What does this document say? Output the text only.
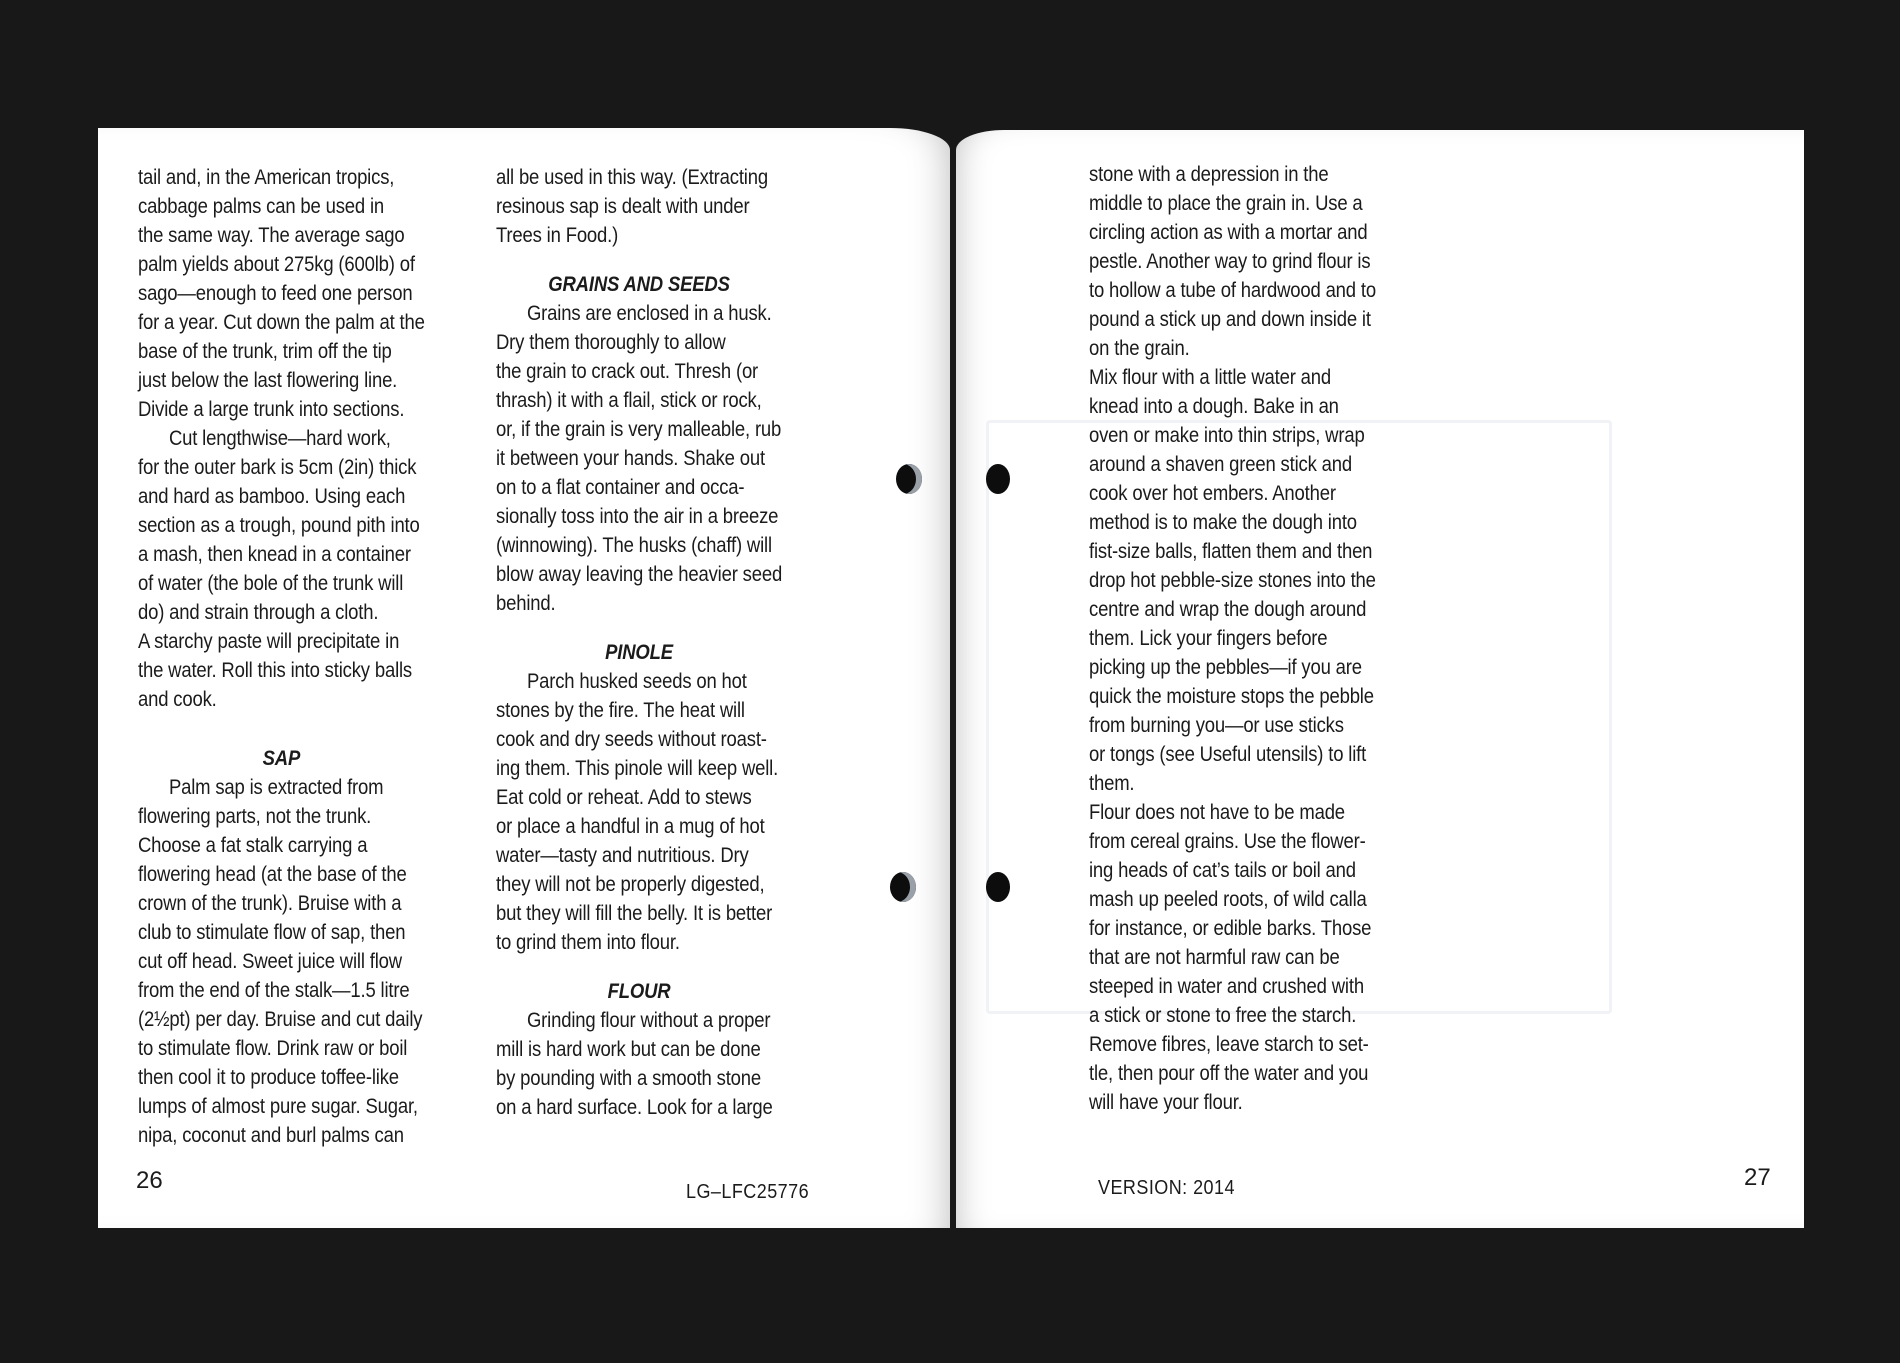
tail and, in the American tropics,
cabbage palms can be used in
the same way. The average sago
palm yields about 275kg (600lb) of
sago—enough to feed one person
for a year. Cut down the palm at the
base of the trunk, trim off the tip
just below the last flowering line.
Divide a large trunk into sections.

Cut lengthwise—hard work,
for the outer bark is 5cm (2in) thick
and hard as bamboo. Using each
section as a trough, pound pith into
a mash, then knead in a container
of water (the bole of the trunk will
do) and strain through a cloth.
A starchy paste will precipitate in
the water. Roll this into sticky balls
and cook.

SAP

Palm sap is extracted from
flowering parts, not the trunk.
Choose a fat stalk carrying a
flowering head (at the base of the
crown of the trunk). Bruise with a
club to stimulate flow of sap, then
cut off head. Sweet juice will flow
from the end of the stalk—1.5 litre
(2½pt) per day. Bruise and cut daily
to stimulate flow. Drink raw or boil
then cool it to produce toffee-like
lumps of almost pure sugar. Sugar,
nipa, coconut and burl palms can

all be used in this way. (Extracting
resinous sap is dealt with under
Trees in Food.)

GRAINS AND SEEDS

Grains are enclosed in a husk.
Dry them thoroughly to allow
the grain to crack out. Thresh (or
thrash) it with a flail, stick or rock,
or, if the grain is very malleable, rub
it between your hands. Shake out
on to a flat container and occa-
sionally toss into the air in a breeze
(winnowing). The husks (chaff) will
blow away leaving the heavier seed
behind.

PINOLE

Parch husked seeds on hot
stones by the fire. The heat will
cook and dry seeds without roast-
ing them. This pinole will keep well.
Eat cold or reheat. Add to stews
or place a handful in a mug of hot
water—tasty and nutritious. Dry
they will not be properly digested,
but they will fill the belly. It is better
to grind them into flour.

FLOUR

Grinding flour without a proper
mill is hard work but can be done
by pounding with a smooth stone
on a hard surface. Look for a large

26	LG–LFC25776

stone with a depression in the
middle to place the grain in. Use a
circling action as with a mortar and
pestle. Another way to grind flour is
to hollow a tube of hardwood and to
pound a stick up and down inside it
on the grain.

Mix flour with a little water and
knead into a dough. Bake in an
oven or make into thin strips, wrap
around a shaven green stick and
cook over hot embers. Another
method is to make the dough into
fist-size balls, flatten them and then
drop hot pebble-size stones into the
centre and wrap the dough around
them. Lick your fingers before
picking up the pebbles—if you are
quick the moisture stops the pebble
from burning you—or use sticks
or tongs (see Useful utensils) to lift
them.

Flour does not have to be made
from cereal grains. Use the flower-
ing heads of cat’s tails or boil and
mash up peeled roots, of wild calla
for instance, or edible barks. Those
that are not harmful raw can be
steeped in water and crushed with
a stick or stone to free the starch.
Remove fibres, leave starch to set-
tle, then pour off the water and you
will have your flour.

VERSION: 2014	27
